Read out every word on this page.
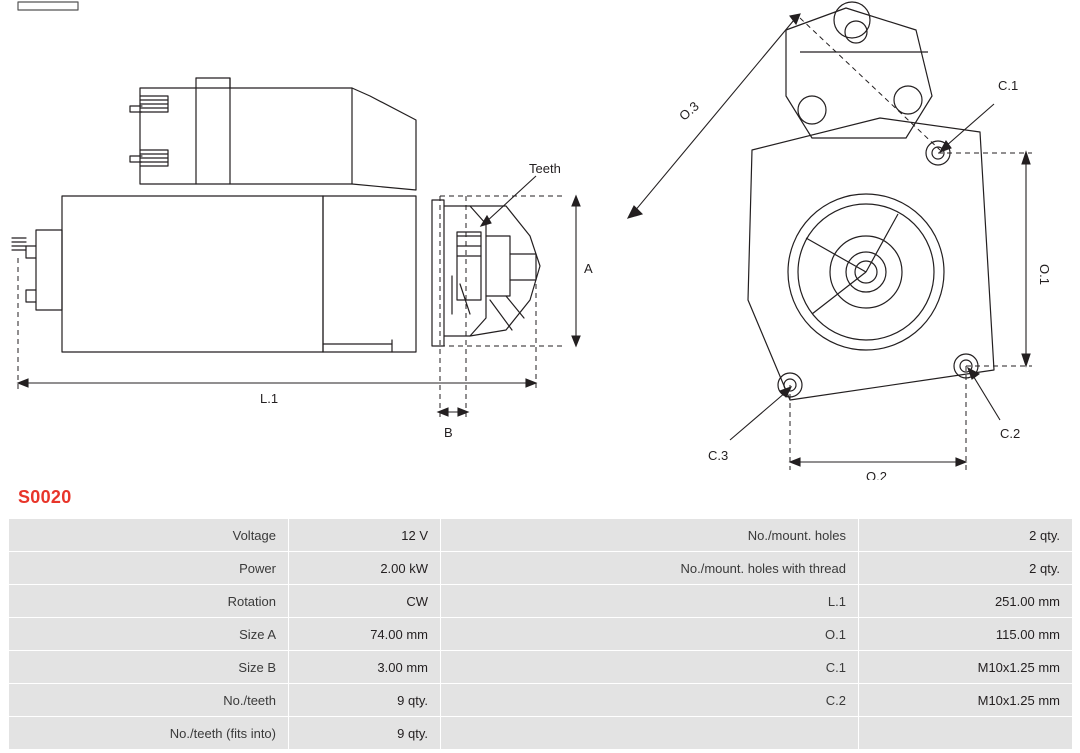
Teeth
A
B
L.1
O.1
O.2
O.3
C.1
C.2
C.3
S0020
Voltage	12 V	No./mount. holes	2 qty.
Power	2.00 kW	No./mount. holes with thread	2 qty.
Rotation	CW	L.1	251.00 mm
Size A	74.00 mm	O.1	115.00 mm
Size B	3.00 mm	C.1	M10x1.25 mm
No./teeth	9 qty.	C.2	M10x1.25 mm
No./teeth (fits into)	9 qty.		
